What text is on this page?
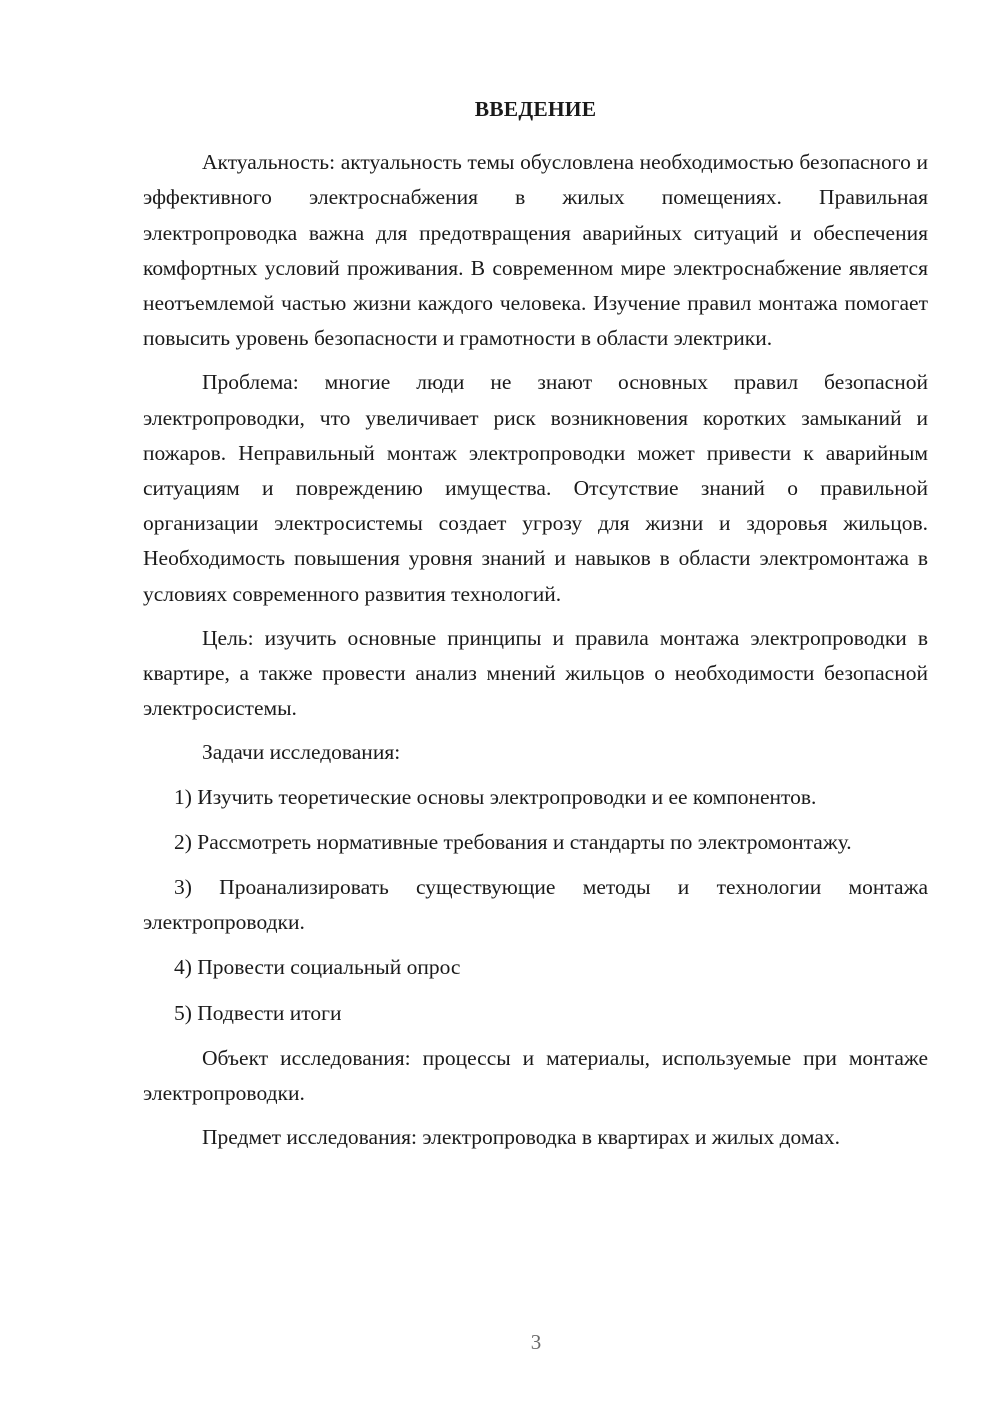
ВВЕДЕНИЕ

Актуальность: актуальность темы обусловлена необходимостью безопасного и эффективного электроснабжения в жилых помещениях. Правильная электропроводка важна для предотвращения аварийных ситуаций и обеспечения комфортных условий проживания. В современном мире электроснабжение является неотъемлемой частью жизни каждого человека. Изучение правил монтажа помогает повысить уровень безопасности и грамотности в области электрики.

Проблема: многие люди не знают основных правил безопасной электропроводки, что увеличивает риск возникновения коротких замыканий и пожаров. Неправильный монтаж электропроводки может привести к аварийным ситуациям и повреждению имущества. Отсутствие знаний о правильной организации электросистемы создает угрозу для жизни и здоровья жильцов. Необходимость повышения уровня знаний и навыков в области электромонтажа в условиях современного развития технологий.

Цель: изучить основные принципы и правила монтажа электропроводки в квартире, а также провести анализ мнений жильцов о необходимости безопасной электросистемы.

Задачи исследования:

1) Изучить теоретические основы электропроводки и ее компонентов.

2) Рассмотреть нормативные требования и стандарты по электромонтажу.

3) Проанализировать существующие методы и технологии монтажа электропроводки.

4) Провести социальный опрос

5) Подвести итоги

Объект исследования: процессы и материалы, используемые при монтаже электропроводки.

Предмет исследования: электропроводка в квартирах и жилых домах.

3
